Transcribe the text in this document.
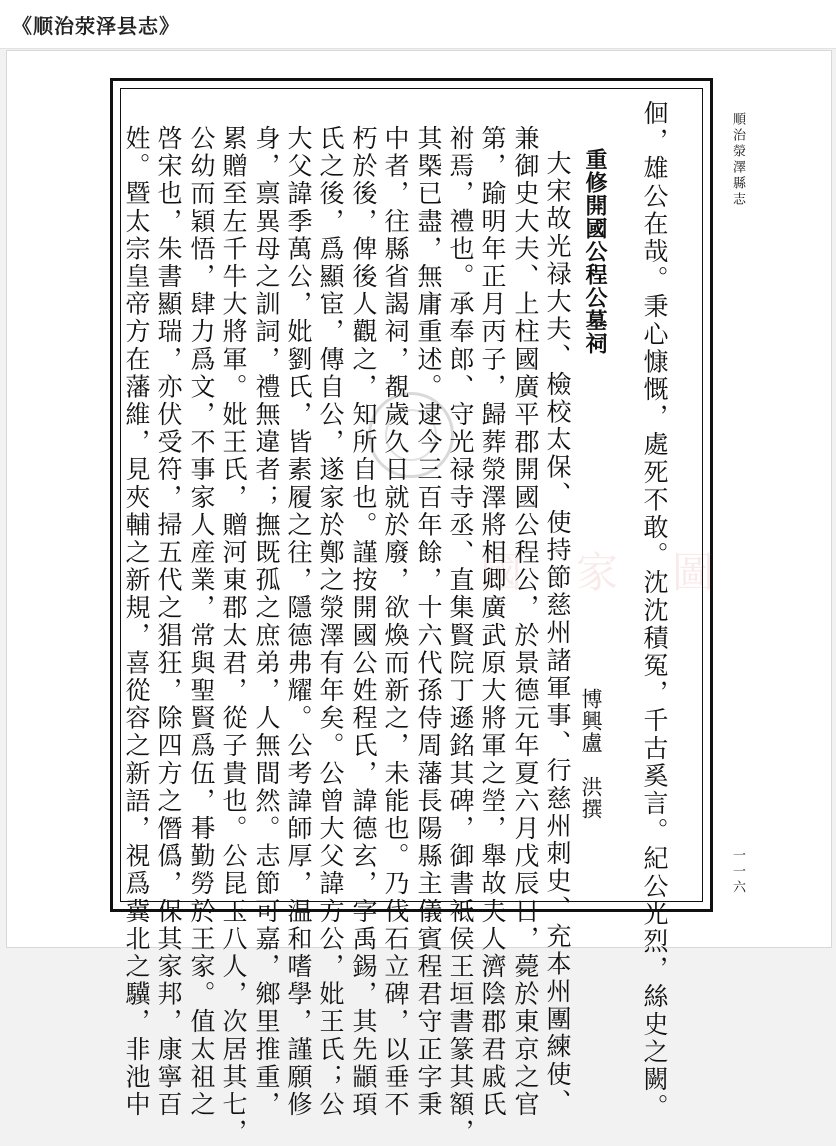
《顺治荥泽县志》
國　家　圖
順治滎澤縣志
一一六
佪，雄公在哉。秉心慷慨，處死不敢。沈沈積冤，千古奚言。紀公光烈，絲史之闕。
重修開國公程公墓祠
博興盧　洪撰
大宋故光禄大夫、檢校太保、使持節慈州諸軍事、行慈州刺史、充本州團練使、
兼御史大夫、上柱國廣平郡開國公程公，於景德元年夏六月戊辰日，薨於東京之官
第，踰明年正月丙子，歸葬滎澤將相卿廣武原大將軍之塋，舉故夫人濟陰郡君戚氏
祔焉，禮也。承奉郎、守光禄寺丞、直集賢院丁遜銘其碑，御書祗侯王垣書篆其額，
其槩已盡，無庸重述。逮今三百年餘，十六代孫侍周藩長陽縣主儀賓程君守正字秉
中者，往縣省謁祠，覩歲久日就於廢，欲煥而新之，未能也。乃伐石立碑，以垂不
朽於後，俾後人觀之，知所自也。謹按開國公姓程氏，諱德玄，字禹錫，其先顓頊
氏之後，爲顯宦，傳自公，遂家於鄭之滎澤有年矣。公曾大父諱方公，妣王氏；公
大父諱季萬公，妣劉氏，皆素履之往，隱德弗耀。公考諱師厚，温和嗜學，謹願修
身，禀異母之訓詞，禮無違者；撫既孤之庶弟，人無間然。志節可嘉，鄉里推重，
累贈至左千牛大將軍。妣王氏，贈河東郡太君，從子貴也。公昆玉八人，次居其七，
公幼而穎悟，肆力爲文，不事家人産業，常與聖賢爲伍，朞勤勞於王家。值太祖之
啓宋也，朱書顯瑞，亦伏受符，掃五代之猖狂，除四方之僭僞，保其家邦，康寧百
姓。暨太宗皇帝方在藩維，見夾輔之新規，喜從容之新語，視爲冀北之驥，非池中
